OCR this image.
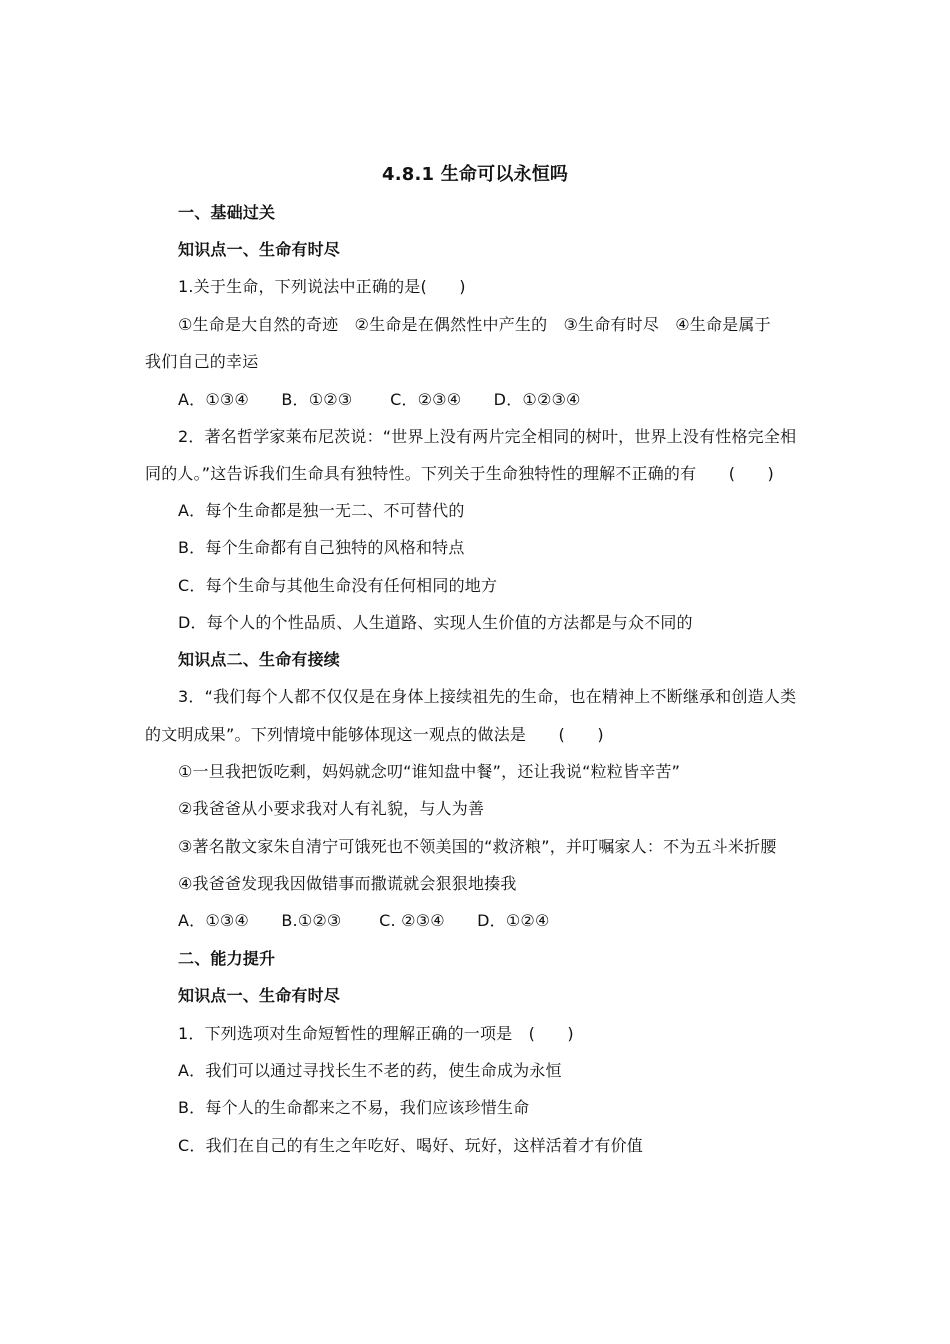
4.8.1 生命可以永恒吗
一、基础过关
知识点一、生命有时尽
1.关于生命，下列说法中正确的是(　　)
①生命是大自然的奇迹　②生命是在偶然性中产生的　③生命有时尽　④生命是属于
我们自己的幸运
A．①③④　　B．①②③　　 C．②③④　　D．①②③④
2．著名哲学家莱布尼茨说：“世界上没有两片完全相同的树叶，世界上没有性格完全相
同的人。”这告诉我们生命具有独特性。下列关于生命独特性的理解不正确的有　　(　　)
A．每个生命都是独一无二、不可替代的
B．每个生命都有自己独特的风格和特点
C．每个生命与其他生命没有任何相同的地方
D．每个人的个性品质、人生道路、实现人生价值的方法都是与众不同的
知识点二、生命有接续
3．“我们每个人都不仅仅是在身体上接续祖先的生命，也在精神上不断继承和创造人类
的文明成果”。下列情境中能够体现这一观点的做法是　　(　　)
①一旦我把饭吃剩，妈妈就念叨“谁知盘中餐”，还让我说“粒粒皆辛苦”
②我爸爸从小要求我对人有礼貌，与人为善
③著名散文家朱自清宁可饿死也不领美国的“救济粮”，并叮嘱家人：不为五斗米折腰
④我爸爸发现我因做错事而撒谎就会狠狠地揍我
A．①③④　　B.①②③　　 C. ②③④　　D．①②④
二、能力提升
知识点一、生命有时尽
1．下列选项对生命短暂性的理解正确的一项是　(　　)
A．我们可以通过寻找长生不老的药，使生命成为永恒
B．每个人的生命都来之不易，我们应该珍惜生命
C．我们在自己的有生之年吃好、喝好、玩好，这样活着才有价值
